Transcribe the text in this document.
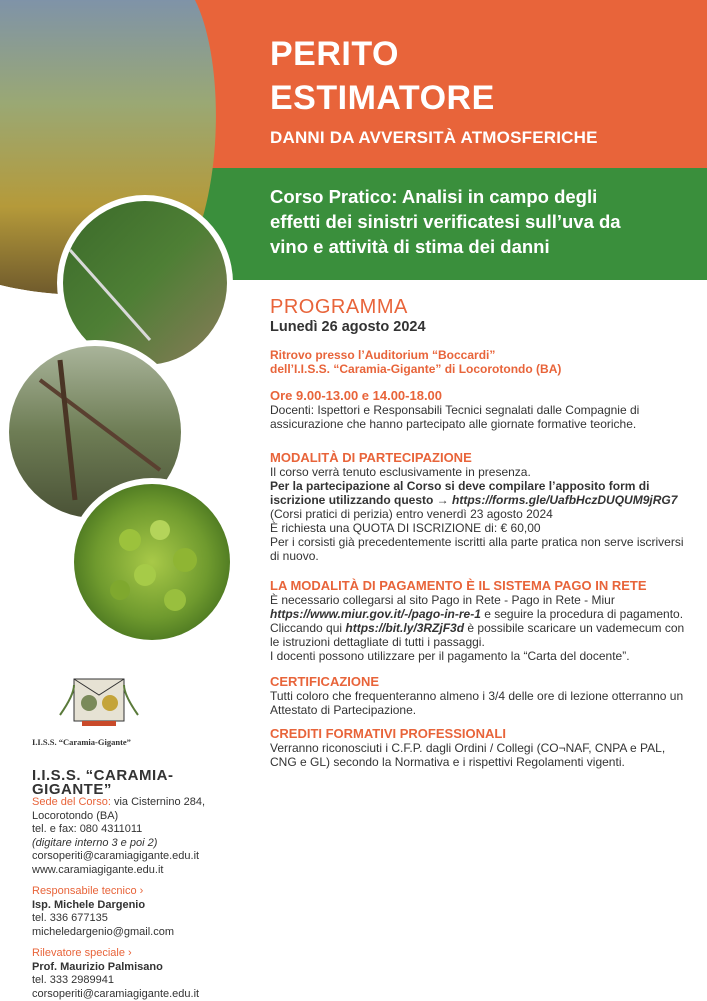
PERITO
ESTIMATORE
DANNI DA AVVERSITÀ ATMOSFERICHE
Corso Pratico: Analisi in campo degli
effetti dei sinistri verificatesi sull’uva da
vino e attività di stima dei danni
PROGRAMMA
Lunedì 26 agosto 2024
Ritrovo presso l’Auditorium “Boccardi”
dell’I.I.S.S. “Caramia-Gigante” di Locorotondo (BA)
Ore 9.00-13.00 e 14.00-18.00

Docenti: Ispettori e Responsabili Tecnici segnalati dalle Compagnie di assicurazione che hanno partecipato alle giornate formative teoriche.

MODALITÀ DI PARTECIPAZIONE

Il corso verrà tenuto esclusivamente in presenza.

Per la partecipazione al Corso si deve compilare l’apposito form di iscrizione utilizzando questo → https://forms.gle/UafbHczDUQUM9jRG7

(Corsi pratici di perizia) entro venerdì 23 agosto 2024

È richiesta una QUOTA DI ISCRIZIONE di: € 60,00

Per i corsisti già precedentemente iscritti alla parte pratica non serve iscriversi di nuovo.

LA MODALITÀ DI PAGAMENTO È IL SISTEMA PAGO IN RETE

È necessario collegarsi al sito Pago in Rete - Pago in Rete - Miur https://www.miur.gov.it/-/pago-in-re-1 e seguire la procedura di pagamento.

Cliccando qui https://bit.ly/3RZjF3d è possibile scaricare un vademecum con le istruzioni dettagliate di tutti i passaggi.

I docenti possono utilizzare per il pagamento la “Carta del docente”.

CERTIFICAZIONE

Tutti coloro che frequenteranno almeno i 3/4 delle ore di lezione otterranno un Attestato di Partecipazione.

CREDITI FORMATIVI PROFESSIONALI

Verranno riconosciuti i C.F.P. dagli Ordini / Collegi (CO¬NAF, CNPA e PAL, CNG e GL) secondo la Normativa e i rispettivi Regolamenti vigenti.

I.I.S.S. “Caramia-Gigante”
I.I.S.S. “CARAMIA-GIGANTE”
Sede del Corso: via Cisternino 284,
Locorotondo (BA)
tel. e fax: 080 4311011
(digitare interno 3 e poi 2)
corsoperiti@caramiagigante.edu.it
www.caramiagigante.edu.it
Responsabile tecnico ›
Isp. Michele Dargenio
tel. 336 677135
micheledargenio@gmail.com
Rilevatore speciale ›
Prof. Maurizio Palmisano
tel. 333 2989941
corsoperiti@caramiagigante.edu.it
